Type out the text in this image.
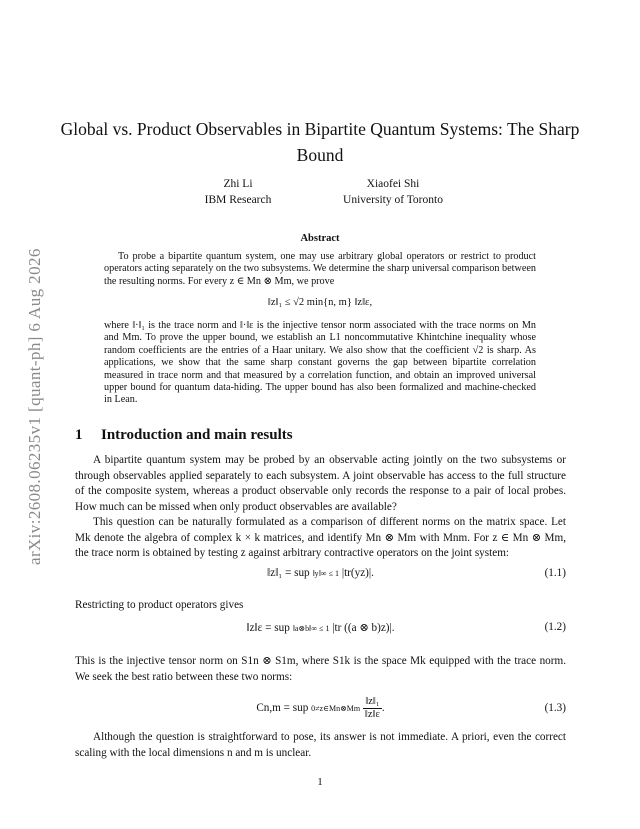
arXiv:2608.06235v1 [quant-ph] 6 Aug 2026
Global vs. Product Observables in Bipartite Quantum Systems: The Sharp Bound
Zhi Li
IBM Research
Xiaofei Shi
University of Toronto
Abstract
To probe a bipartite quantum system, one may use arbitrary global operators or restrict to product operators acting separately on the two subsystems. We determine the sharp universal comparison between the resulting norms. For every z ∈ Mn ⊗ Mm, we prove
‖z‖₁ ≤ √2 min{n, m} ‖z‖ε,
where ‖·‖₁ is the trace norm and ‖·‖ε is the injective tensor norm associated with the trace norms on Mn and Mm. To prove the upper bound, we establish an L1 noncommutative Khintchine inequality whose random coefficients are the entries of a Haar unitary. We also show that the coefficient √2 is sharp. As applications, we show that the same sharp constant governs the gap between bipartite correlation measured in trace norm and that measured by a correlation function, and obtain an improved universal upper bound for quantum data-hiding. The upper bound has also been formalized and machine-checked in Lean.
1 Introduction and main results
A bipartite quantum system may be probed by an observable acting jointly on the two subsystems or through observables applied separately to each subsystem. A joint observable has access to the full structure of the composite system, whereas a product observable only records the response to a pair of local probes. How much can be missed when only product observables are available?
This question can be naturally formulated as a comparison of different norms on the matrix space. Let Mk denote the algebra of complex k × k matrices, and identify Mn ⊗ Mm with Mnm. For z ∈ Mn ⊗ Mm, the trace norm is obtained by testing z against arbitrary contractive operators on the joint system:
‖z‖₁ = sup ‖y‖∞ ≤ 1 |tr(yz)|.	(1.1)
Restricting to product operators gives
‖z‖ε = sup ‖a⊗b‖∞ ≤ 1 |tr ((a ⊗ b)z)|.	(1.2)
This is the injective tensor norm on S1n ⊗ S1m, where S1k is the space Mk equipped with the trace norm. We seek the best ratio between these two norms:
Cn,m = sup 0≠z∈Mn⊗Mm $\frac{\text{‖z‖₁}}{‖z‖\varepsilon}$ .	(1.3)
Although the question is straightforward to pose, its answer is not immediate. A priori, even the correct scaling with the local dimensions n and m is unclear.
1
